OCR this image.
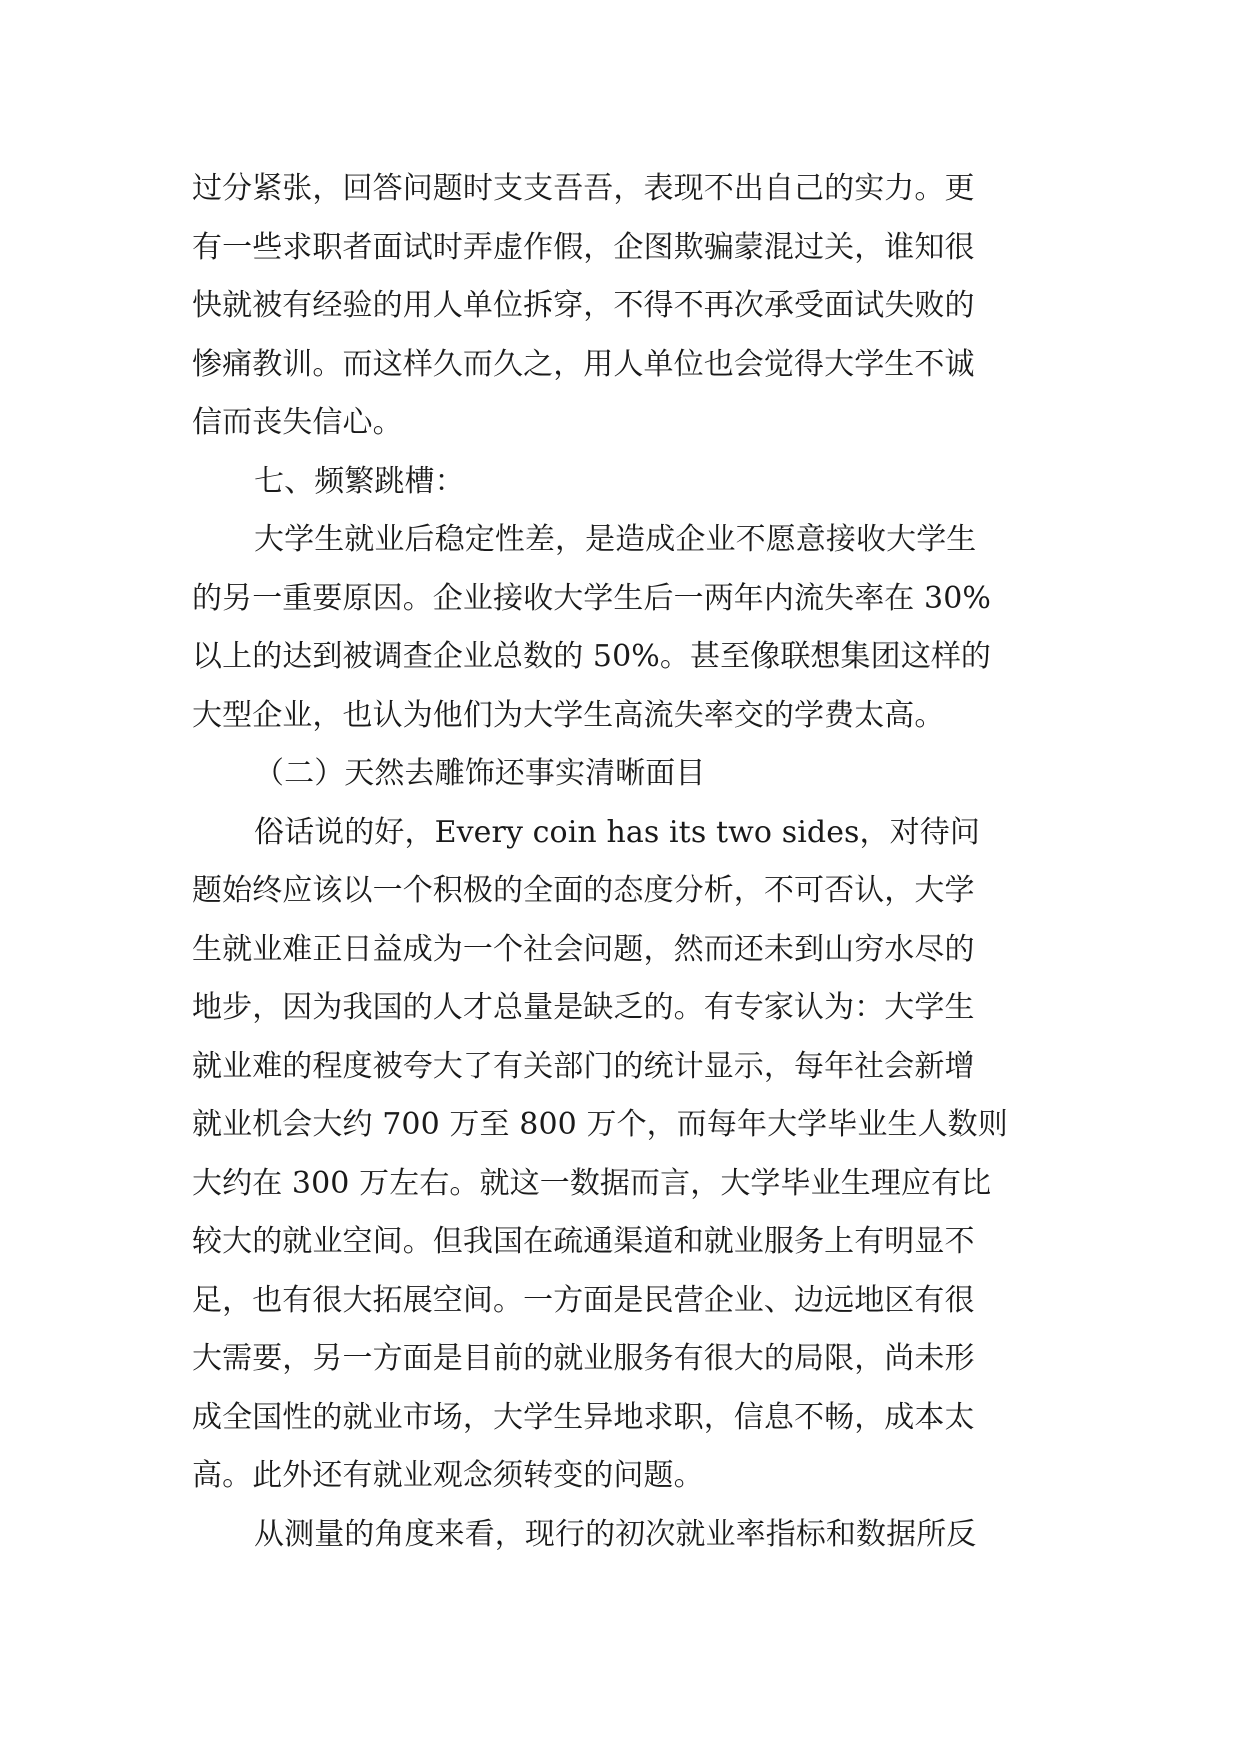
过分紧张，回答问题时支支吾吾，表现不出自己的实力。更
有一些求职者面试时弄虚作假，企图欺骗蒙混过关，谁知很
快就被有经验的用人单位拆穿，不得不再次承受面试失败的
惨痛教训。而这样久而久之，用人单位也会觉得大学生不诚
信而丧失信心。
七、频繁跳槽：
大学生就业后稳定性差，是造成企业不愿意接收大学生
的另一重要原因。企业接收大学生后一两年内流失率在 30%
以上的达到被调查企业总数的 50%。甚至像联想集团这样的
大型企业，也认为他们为大学生高流失率交的学费太高。
（二）天然去雕饰还事实清晰面目
俗话说的好，Every coin has its two sides，对待问
题始终应该以一个积极的全面的态度分析，不可否认，大学
生就业难正日益成为一个社会问题，然而还未到山穷水尽的
地步，因为我国的人才总量是缺乏的。有专家认为：大学生
就业难的程度被夸大了有关部门的统计显示，每年社会新增
就业机会大约 700 万至 800 万个，而每年大学毕业生人数则
大约在 300 万左右。就这一数据而言，大学毕业生理应有比
较大的就业空间。但我国在疏通渠道和就业服务上有明显不
足，也有很大拓展空间。一方面是民营企业、边远地区有很
大需要，另一方面是目前的就业服务有很大的局限，尚未形
成全国性的就业市场，大学生异地求职，信息不畅，成本太
高。此外还有就业观念须转变的问题。
从测量的角度来看，现行的初次就业率指标和数据所反
